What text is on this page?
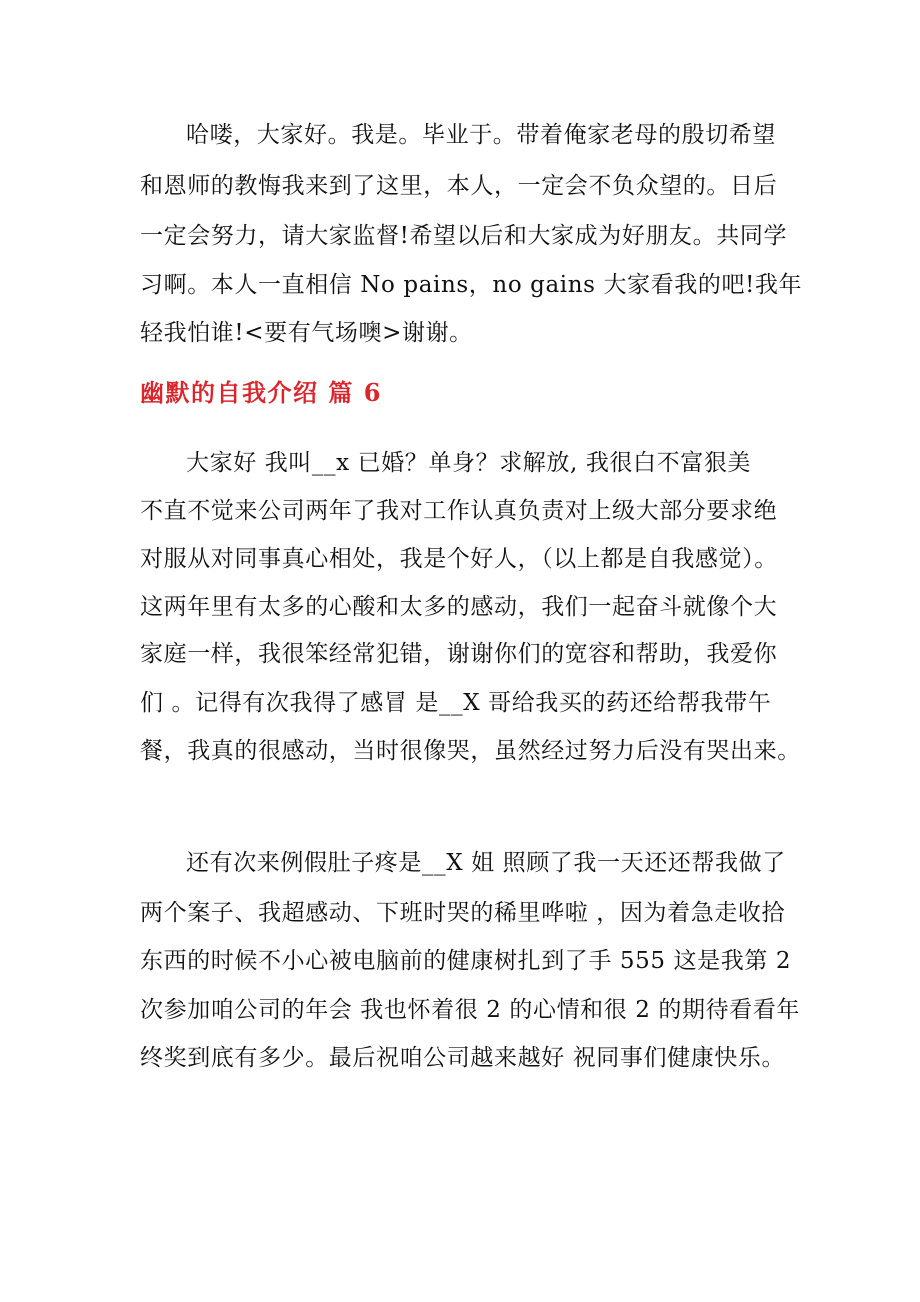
哈喽，大家好。我是。毕业于。带着俺家老母的殷切希望
和恩师的教悔我来到了这里，本人，一定会不负众望的。日后
一定会努力，请大家监督!希望以后和大家成为好朋友。共同学
习啊。本人一直相信 No pains，no gains 大家看我的吧!我年
轻我怕谁!<要有气场噢>谢谢。
幽默的自我介绍 篇 6
大家好 我叫__x 已婚？单身？求解放, 我很白不富狠美
不直不觉来公司两年了我对工作认真负责对上级大部分要求绝
对服从对同事真心相处，我是个好人，（以上都是自我感觉）。
这两年里有太多的心酸和太多的感动，我们一起奋斗就像个大
家庭一样，我很笨经常犯错，谢谢你们的宽容和帮助，我爱你
们 。记得有次我得了感冒 是__X 哥给我买的药还给帮我带午
餐，我真的很感动，当时很像哭，虽然经过努力后没有哭出来。
还有次来例假肚子疼是__X 姐 照顾了我一天还还帮我做了
两个案子、我超感动、下班时哭的稀里哗啦 ，因为着急走收拾
东西的时候不小心被电脑前的健康树扎到了手 555 这是我第 2
次参加咱公司的年会 我也怀着很 2 的心情和很 2 的期待看看年
终奖到底有多少。最后祝咱公司越来越好 祝同事们健康快乐。
